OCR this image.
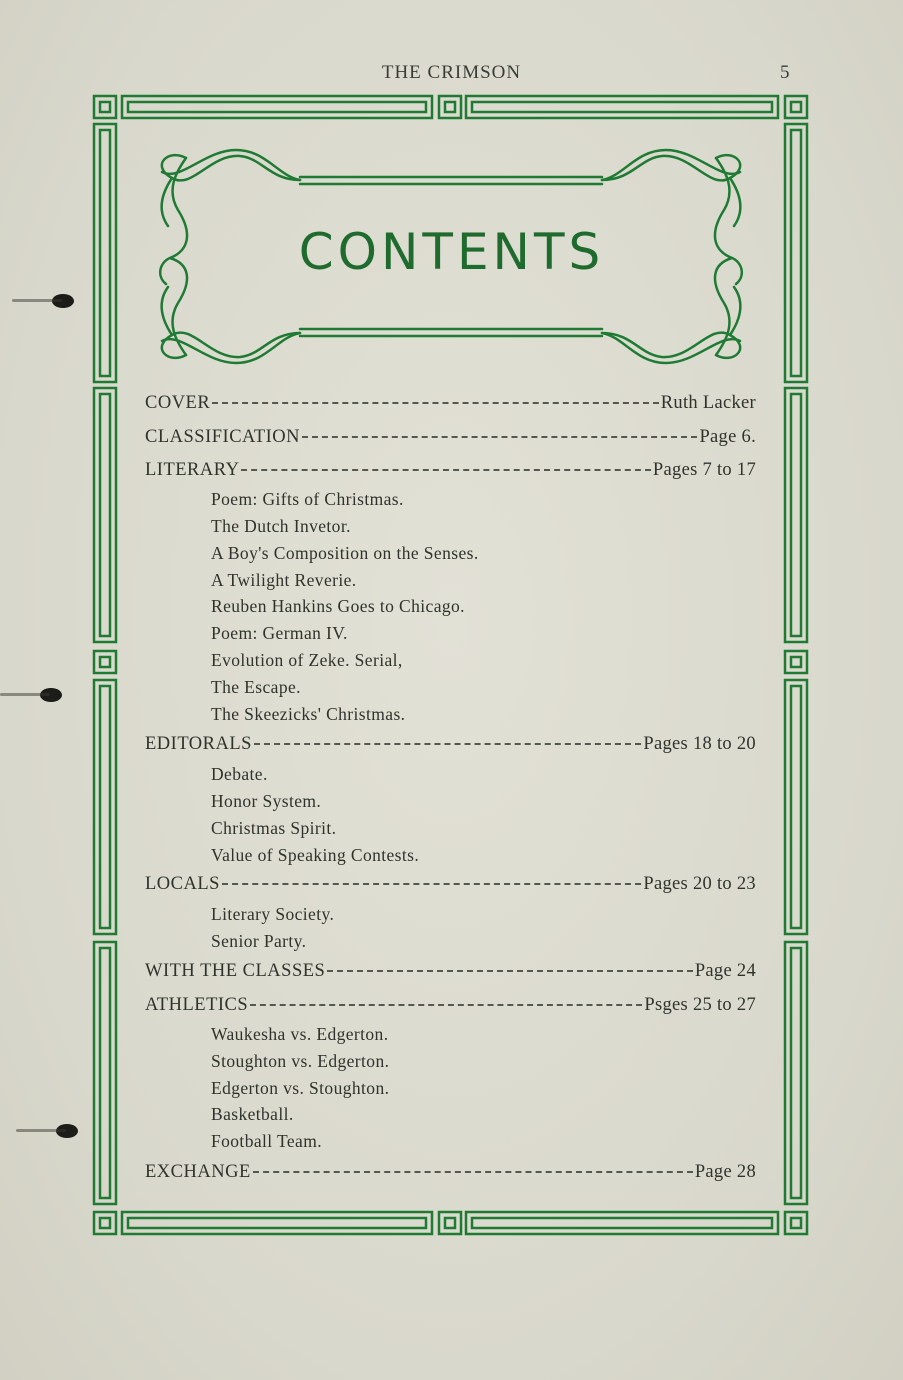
THE CRIMSON	5
CONTENTS
COVER	Ruth Lacker
CLASSIFICATION	Page 6.
LITERARY	Pages 7 to 17
Poem: Gifts of Christmas.
The Dutch Invetor.
A Boy's Composition on the Senses.
A Twilight Reverie.
Reuben Hankins Goes to Chicago.
Poem: German IV.
Evolution of Zeke. Serial,
The Escape.
The Skeezicks' Christmas.
EDITORALS	Pages 18 to 20
Debate.
Honor System.
Christmas Spirit.
Value of Speaking Contests.
LOCALS	Pages 20 to 23
Literary Society.
Senior Party.
WITH THE CLASSES	Page 24
ATHLETICS	Psges 25 to 27
Waukesha vs. Edgerton.
Stoughton vs. Edgerton.
Edgerton vs. Stoughton.
Basketball.
Football Team.
EXCHANGE	Page 28
